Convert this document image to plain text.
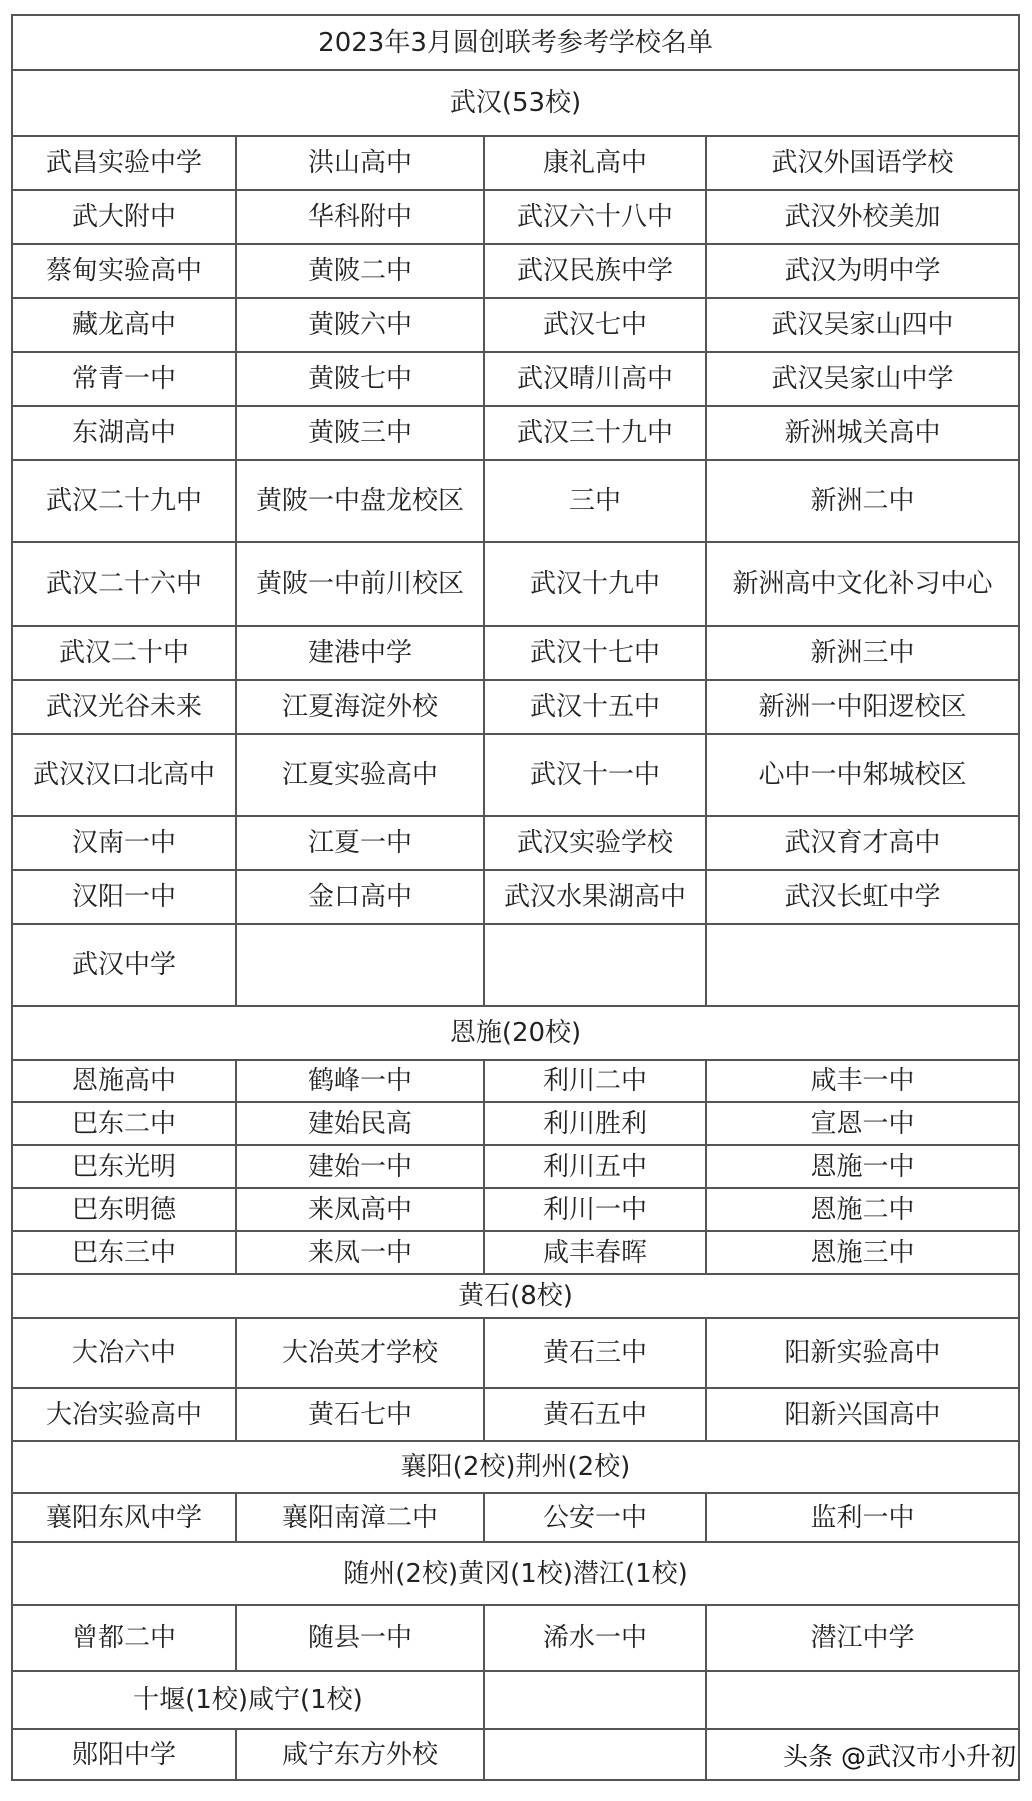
2023年3月圆创联考参考学校名单			
武汉(53校)			
武昌实验中学	洪山高中	康礼高中	武汉外国语学校
武大附中	华科附中	武汉六十八中	武汉外校美加
蔡甸实验高中	黄陂二中	武汉民族中学	武汉为明中学
藏龙高中	黄陂六中	武汉七中	武汉吴家山四中
常青一中	黄陂七中	武汉晴川高中	武汉吴家山中学
东湖高中	黄陂三中	武汉三十九中	新洲城关高中
武汉二十九中	黄陂一中盘龙校区	三中	新洲二中
武汉二十六中	黄陂一中前川校区	武汉十九中	新洲高中文化补习中心
武汉二十中	建港中学	武汉十七中	新洲三中
武汉光谷未来	江夏海淀外校	武汉十五中	新洲一中阳逻校区
武汉汉口北高中	江夏实验高中	武汉十一中	心中一中邾城校区
汉南一中	江夏一中	武汉实验学校	武汉育才高中
汉阳一中	金口高中	武汉水果湖高中	武汉长虹中学
武汉中学			
恩施(20校)			
恩施高中	鹤峰一中	利川二中	咸丰一中
巴东二中	建始民高	利川胜利	宣恩一中
巴东光明	建始一中	利川五中	恩施一中
巴东明德	来凤高中	利川一中	恩施二中
巴东三中	来凤一中	咸丰春晖	恩施三中
黄石(8校)			
大冶六中	大冶英才学校	黄石三中	阳新实验高中
大冶实验高中	黄石七中	黄石五中	阳新兴国高中
襄阳(2校)荆州(2校)			
襄阳东风中学	襄阳南漳二中	公安一中	监利一中
随州(2校)黄冈(1校)潜江(1校)			
曾都二中	随县一中	浠水一中	潜江中学
十堰(1校)咸宁(1校)			
郧阳中学	咸宁东方外校			头条 @武汉市小升初
